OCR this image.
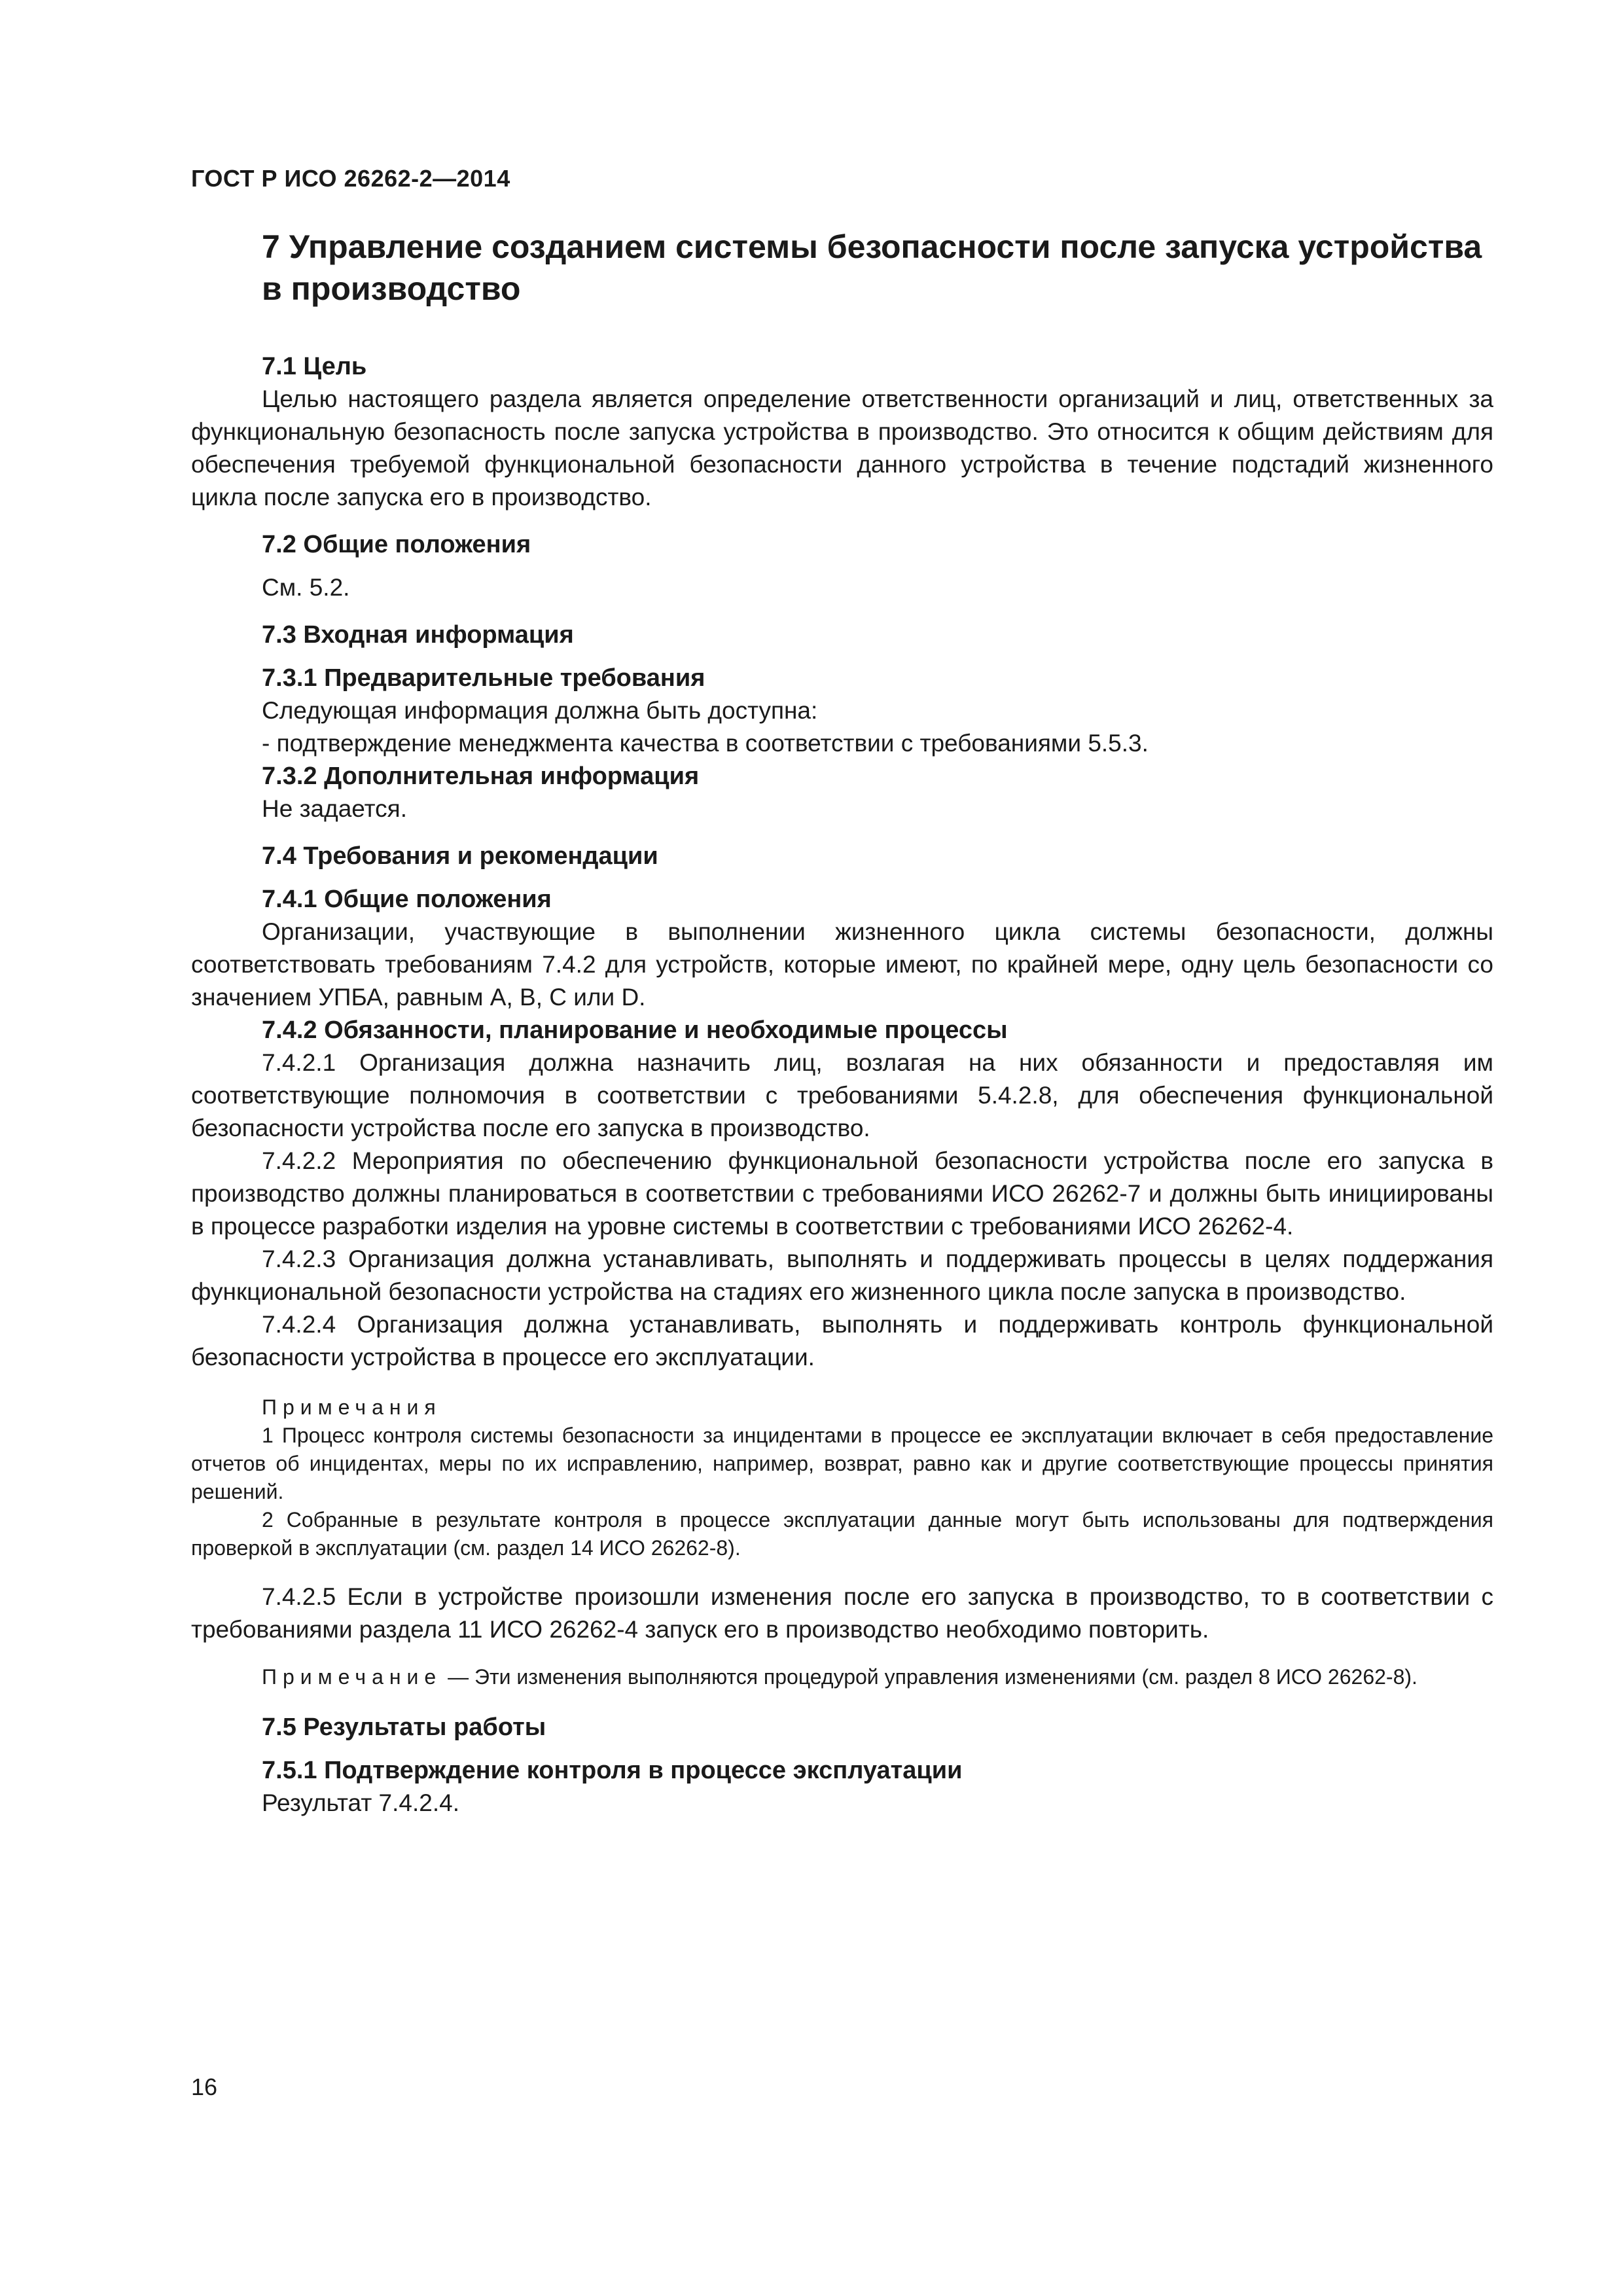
ГОСТ Р ИСО 26262-2—2014
7 Управление созданием системы безопасности после запуска устройства в производство
7.1 Цель

Целью настоящего раздела является определение ответственности организаций и лиц, ответственных за функциональную безопасность после запуска устройства в производство. Это относится к общим действиям для обеспечения требуемой функциональной безопасности данного устройства в течение подстадий жизненного цикла после запуска его в производство.

7.2 Общие положения
См. 5.2.
7.3 Входная информация
7.3.1 Предварительные требования
Следующая информация должна быть доступна:
- подтверждение менеджмента качества в соответствии с требованиями 5.5.3.
7.3.2 Дополнительная информация
Не задается.
7.4 Требования и рекомендации
7.4.1 Общие положения

Организации, участвующие в выполнении жизненного цикла системы безопасности, должны соответствовать требованиям 7.4.2 для устройств, которые имеют, по крайней мере, одну цель безопасности со значением УПБА, равным А, В, С или D.

7.4.2 Обязанности, планирование и необходимые процессы

7.4.2.1 Организация должна назначить лиц, возлагая на них обязанности и предоставляя им соответствующие полномочия в соответствии с требованиями 5.4.2.8, для обеспечения функциональной безопасности устройства после его запуска в производство.

7.4.2.2 Мероприятия по обеспечению функциональной безопасности устройства после его запуска в производство должны планироваться в соответствии с требованиями ИСО 26262-7 и должны быть инициированы в процессе разработки изделия на уровне системы в соответствии с требованиями ИСО 26262-4.

7.4.2.3 Организация должна устанавливать, выполнять и поддерживать процессы в целях поддержания функциональной безопасности устройства на стадиях его жизненного цикла после запуска в производство.

7.4.2.4 Организация должна устанавливать, выполнять и поддерживать контроль функциональной безопасности устройства в процессе его эксплуатации.

Примечания

1 Процесс контроля системы безопасности за инцидентами в процессе ее эксплуатации включает в себя предоставление отчетов об инцидентах, меры по их исправлению, например, возврат, равно как и другие соответствующие процессы принятия решений.

2 Собранные в результате контроля в процессе эксплуатации данные могут быть использованы для подтверждения проверкой в эксплуатации (см. раздел 14 ИСО 26262-8).

7.4.2.5 Если в устройстве произошли изменения после его запуска в производство, то в соответствии с требованиями раздела 11 ИСО 26262-4 запуск его в производство необходимо повторить.

Примечание — Эти изменения выполняются процедурой управления изменениями (см. раздел 8 ИСО 26262-8).

7.5 Результаты работы
7.5.1 Подтверждение контроля в процессе эксплуатации
Результат 7.4.2.4.
16
